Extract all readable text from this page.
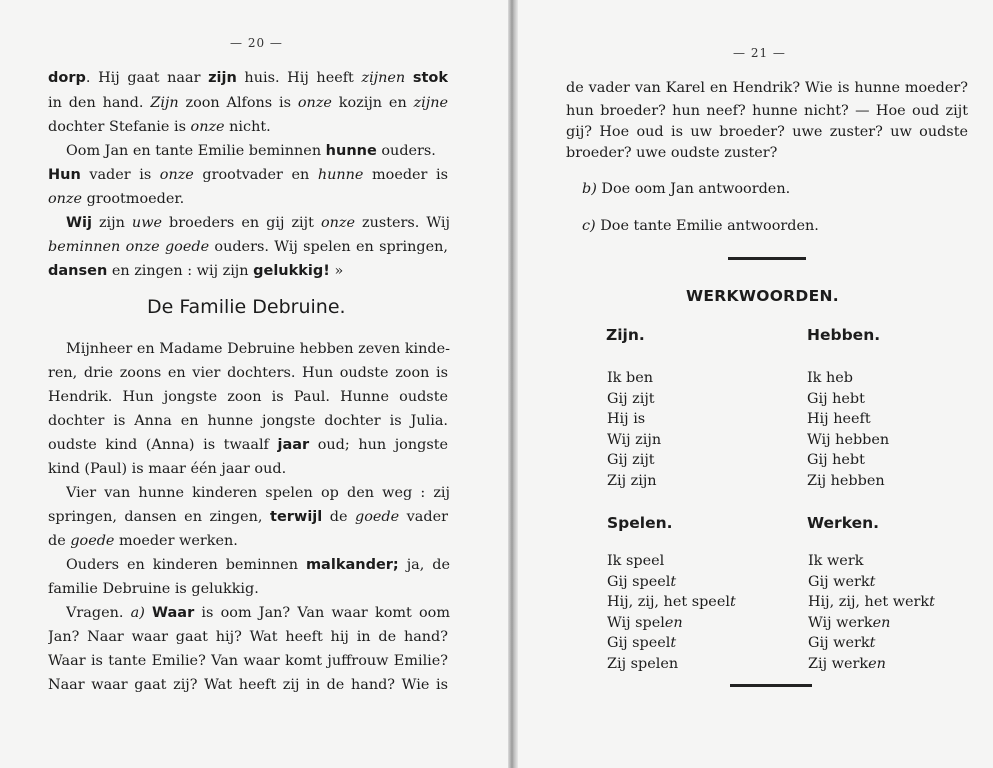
— 20 —
— 21 —
dorp. Hij gaat naar zijn huis. Hij heeft zijnen stok
in den hand. Zijn zoon Alfons is onze kozijn en zijne
dochter Stefanie is onze nicht.
Oom Jan en tante Emilie beminnen hunne ouders.
Hun vader is onze grootvader en hunne moeder is
onze grootmoeder.
Wij zijn uwe broeders en gij zijt onze zusters. Wij
beminnen onze goede ouders. Wij spelen en springen,
dansen en zingen : wij zijn gelukkig! »
Mijnheer en Madame Debruine hebben zeven kinde-
ren, drie zoons en vier dochters. Hun oudste zoon is
Hendrik. Hun jongste zoon is Paul. Hunne oudste
dochter is Anna en hunne jongste dochter is Julia.
oudste kind (Anna) is twaalf jaar oud; hun jongste
kind (Paul) is maar één jaar oud.
Vier van hunne kinderen spelen op den weg : zij
springen, dansen en zingen, terwijl de goede vader
de goede moeder werken.
Ouders en kinderen beminnen malkander; ja, de
familie Debruine is gelukkig.
Vragen. a) Waar is oom Jan? Van waar komt oom
Jan? Naar waar gaat hij? Wat heeft hij in de hand?
Waar is tante Emilie? Van waar komt juffrouw Emilie?
Naar waar gaat zij? Wat heeft zij in de hand? Wie is
De Familie Debruine.
de vader van Karel en Hendrik? Wie is hunne moeder?
hun broeder? hun neef? hunne nicht? — Hoe oud zijt
gij? Hoe oud is uw broeder? uwe zuster? uw oudste
broeder? uwe oudste zuster?
b) Doe oom Jan antwoorden.
c) Doe tante Emilie antwoorden.
WERKWOORDEN.
Zijn.
Ik ben
Gij zijt
Hij is
Wij zijn
Gij zijt
Zij zijn
Hebben.
Ik heb
Gij hebt
Hij heeft
Wij hebben
Gij hebt
Zij hebben
Spelen.
Ik speel
Gij speelt
Hij, zij, het speelt
Wij spelen
Gij speelt
Zij spelen
Werken.
Ik werk
Gij werkt
Hij, zij, het werkt
Wij werken
Gij werkt
Zij werken
